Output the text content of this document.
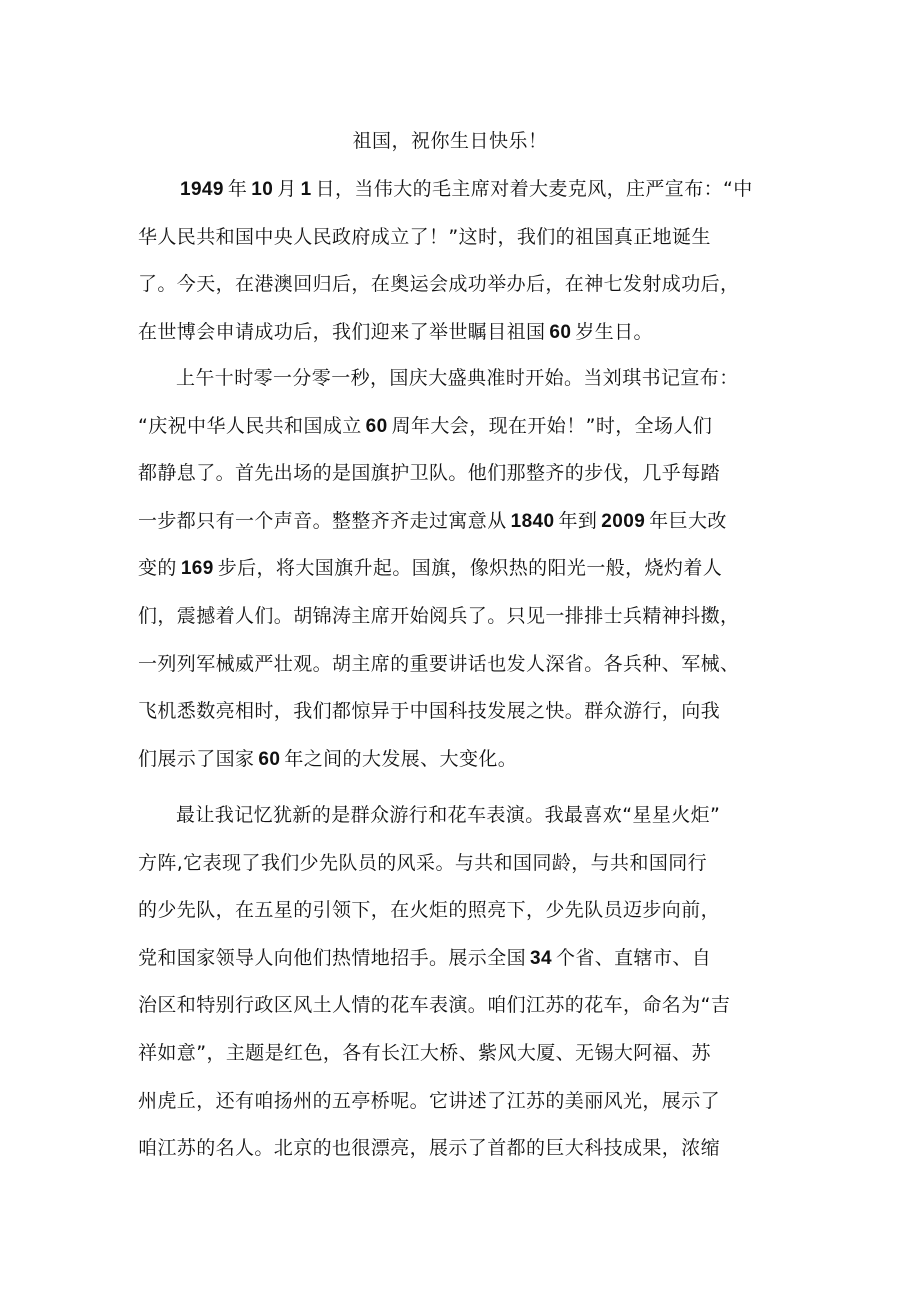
祖国，祝你生日快乐！
1949 年 10 月 1 日，当伟大的毛主席对着大麦克风，庄严宣布：“中
华人民共和国中央人民政府成立了！”这时，我们的祖国真正地诞生
了。今天，在港澳回归后，在奥运会成功举办后，在神七发射成功后，
在世博会申请成功后，我们迎来了举世瞩目祖国 60 岁生日。
上午十时零一分零一秒，国庆大盛典准时开始。当刘琪书记宣布：
“庆祝中华人民共和国成立 60 周年大会，现在开始！”时，全场人们
都静息了。首先出场的是国旗护卫队。他们那整齐的步伐，几乎每踏
一步都只有一个声音。整整齐齐走过寓意从 1840 年到 2009 年巨大改
变的 169 步后，将大国旗升起。国旗，像炽热的阳光一般，烧灼着人
们，震撼着人们。胡锦涛主席开始阅兵了。只见一排排士兵精神抖擞，
一列列军械威严壮观。胡主席的重要讲话也发人深省。各兵种、军械、
飞机悉数亮相时，我们都惊异于中国科技发展之快。群众游行，向我
们展示了国家 60 年之间的大发展、大变化。
最让我记忆犹新的是群众游行和花车表演。我最喜欢“星星火炬”
方阵,它表现了我们少先队员的风采。与共和国同龄，与共和国同行
的少先队，在五星的引领下，在火炬的照亮下，少先队员迈步向前，
党和国家领导人向他们热情地招手。展示全国 34 个省、直辖市、自
治区和特别行政区风土人情的花车表演。咱们江苏的花车，命名为“吉
祥如意”，主题是红色，各有长江大桥、紫风大厦、无锡大阿福、苏
州虎丘，还有咱扬州的五亭桥呢。它讲述了江苏的美丽风光，展示了
咱江苏的名人。北京的也很漂亮，展示了首都的巨大科技成果，浓缩
